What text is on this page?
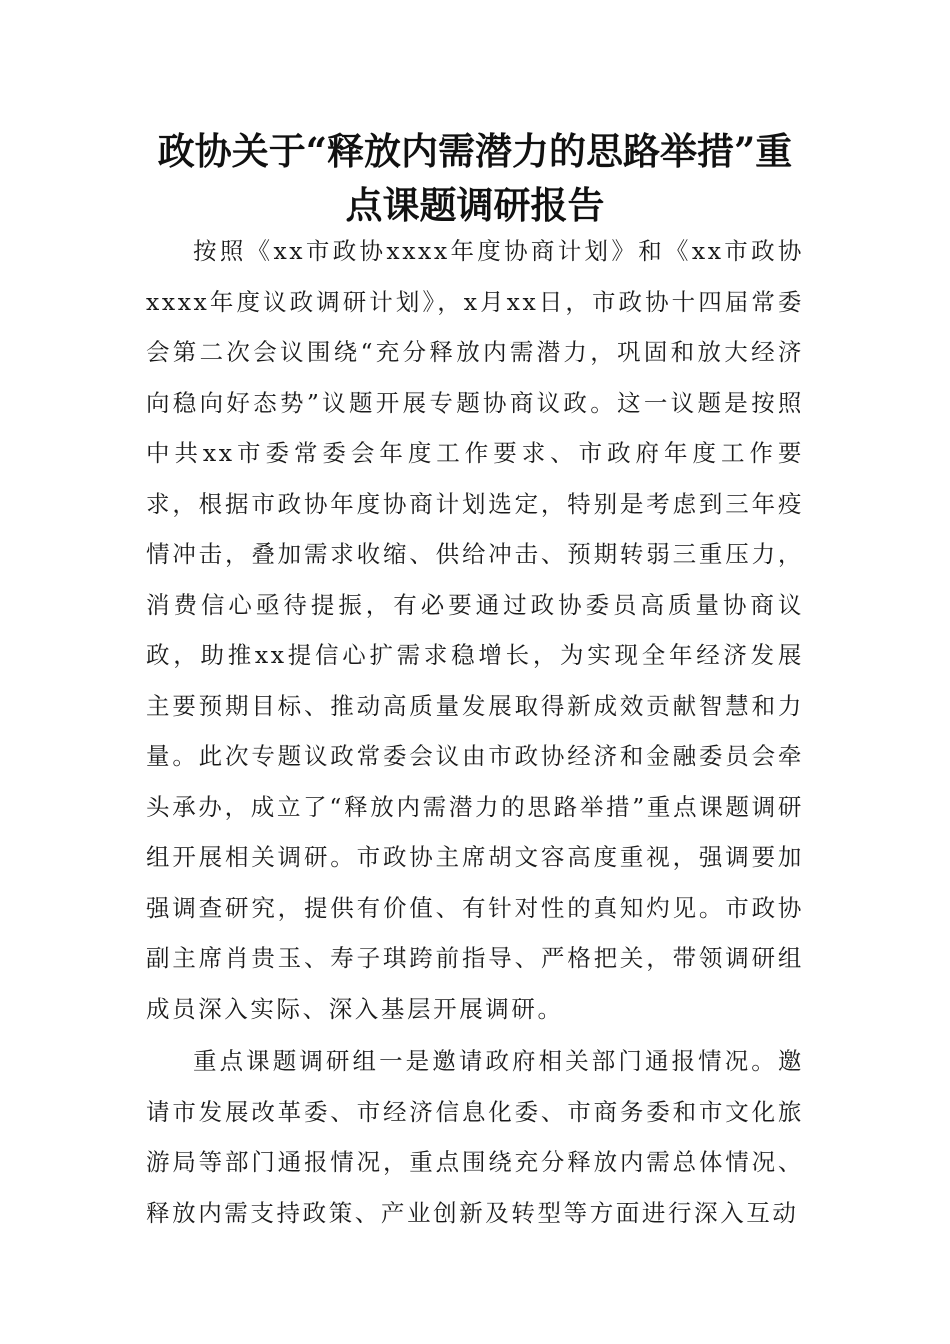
政协关于“释放内需潜力的思路举措”重
点课题调研报告

按照《xx市政协xxxx年度协商计划》和《xx市政协xxxx年度议政调研计划》，x月xx日，市政协十四届常委会第二次会议围绕“充分释放内需潜力，巩固和放大经济向稳向好态势”议题开展专题协商议政。这一议题是按照中共xx市委常委会年度工作要求、市政府年度工作要求，根据市政协年度协商计划选定，特别是考虑到三年疫情冲击，叠加需求收缩、供给冲击、预期转弱三重压力，消费信心亟待提振，有必要通过政协委员高质量协商议政，助推xx提信心扩需求稳增长，为实现全年经济发展主要预期目标、推动高质量发展取得新成效贡献智慧和力量。此次专题议政常委会议由市政协经济和金融委员会牵头承办，成立了“释放内需潜力的思路举措”重点课题调研组开展相关调研。市政协主席胡文容高度重视，强调要加强调查研究，提供有价值、有针对性的真知灼见。市政协副主席肖贵玉、寿子琪跨前指导、严格把关，带领调研组成员深入实际、深入基层开展调研。

重点课题调研组一是邀请政府相关部门通报情况。邀请市发展改革委、市经济信息化委、市商务委和市文化旅游局等部门通报情况，重点围绕充分释放内需总体情况、释放内需支持政策、产业创新及转型等方面进行深入互动
